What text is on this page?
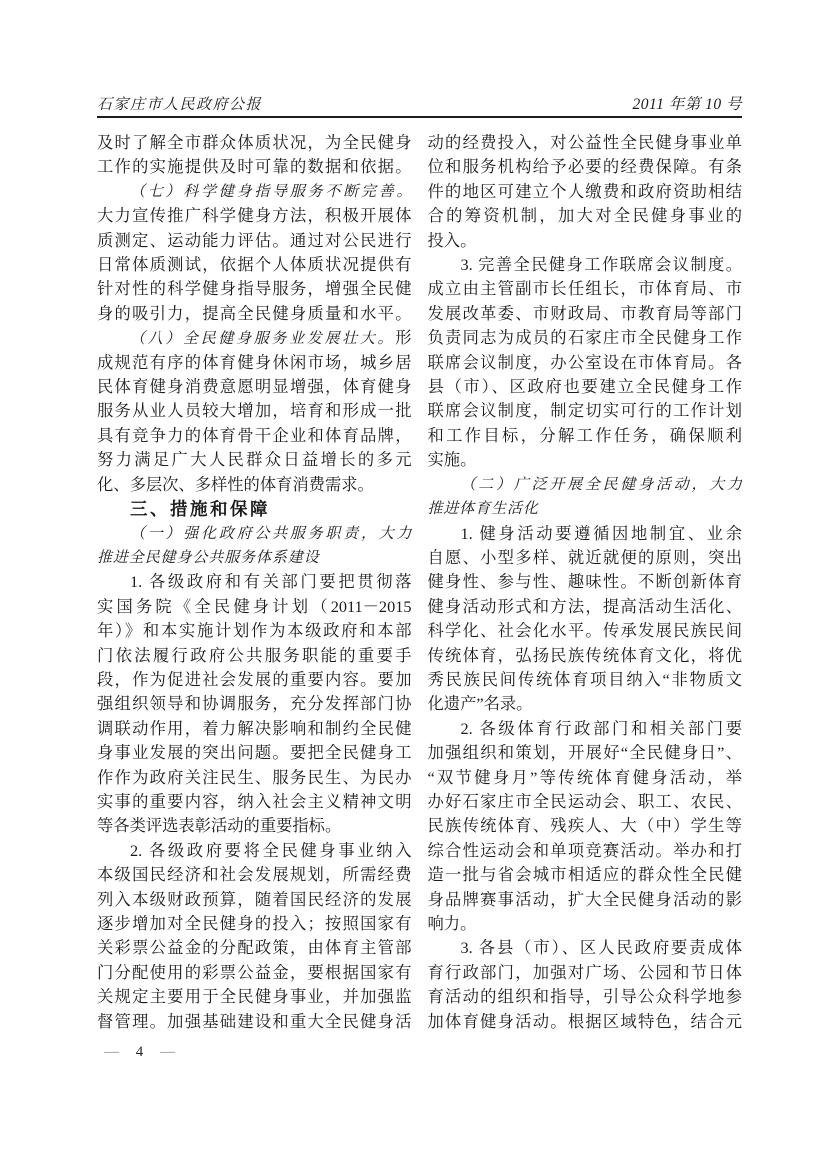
石家庄市人民政府公报	2011 年第 10 号
及时了解全市群众体质状况，为全民健身
工作的实施提供及时可靠的数据和依据。
（七）科学健身指导服务不断完善。
大力宣传推广科学健身方法，积极开展体
质测定、运动能力评估。通过对公民进行
日常体质测试，依据个人体质状况提供有
针对性的科学健身指导服务，增强全民健
身的吸引力，提高全民健身质量和水平。
（八）全民健身服务业发展壮大。形
成规范有序的体育健身休闲市场，城乡居
民体育健身消费意愿明显增强，体育健身
服务从业人员较大增加，培育和形成一批
具有竞争力的体育骨干企业和体育品牌，
努力满足广大人民群众日益增长的多元
化、多层次、多样性的体育消费需求。
三、措施和保障
（一）强化政府公共服务职责，大力
推进全民健身公共服务体系建设
1. 各级政府和有关部门要把贯彻落
实国务院《全民健身计划（2011－2015
年）》和本实施计划作为本级政府和本部
门依法履行政府公共服务职能的重要手
段，作为促进社会发展的重要内容。要加
强组织领导和协调服务，充分发挥部门协
调联动作用，着力解决影响和制约全民健
身事业发展的突出问题。要把全民健身工
作作为政府关注民生、服务民生、为民办
实事的重要内容，纳入社会主义精神文明
等各类评选表彰活动的重要指标。
2. 各级政府要将全民健身事业纳入
本级国民经济和社会发展规划，所需经费
列入本级财政预算，随着国民经济的发展
逐步增加对全民健身的投入；按照国家有
关彩票公益金的分配政策，由体育主管部
门分配使用的彩票公益金，要根据国家有
关规定主要用于全民健身事业，并加强监
督管理。加强基础建设和重大全民健身活
动的经费投入，对公益性全民健身事业单
位和服务机构给予必要的经费保障。有条
件的地区可建立个人缴费和政府资助相结
合的筹资机制，加大对全民健身事业的
投入。
3. 完善全民健身工作联席会议制度。
成立由主管副市长任组长，市体育局、市
发展改革委、市财政局、市教育局等部门
负责同志为成员的石家庄市全民健身工作
联席会议制度，办公室设在市体育局。各
县（市）、区政府也要建立全民健身工作
联席会议制度，制定切实可行的工作计划
和工作目标，分解工作任务，确保顺利
实施。
（二）广泛开展全民健身活动，大力
推进体育生活化
1. 健身活动要遵循因地制宜、业余
自愿、小型多样、就近就便的原则，突出
健身性、参与性、趣味性。不断创新体育
健身活动形式和方法，提高活动生活化、
科学化、社会化水平。传承发展民族民间
传统体育，弘扬民族传统体育文化，将优
秀民族民间传统体育项目纳入“非物质文
化遗产”名录。
2. 各级体育行政部门和相关部门要
加强组织和策划，开展好“全民健身日”、
“双节健身月”等传统体育健身活动，举
办好石家庄市全民运动会、职工、农民、
民族传统体育、残疾人、大（中）学生等
综合性运动会和单项竞赛活动。举办和打
造一批与省会城市相适应的群众性全民健
身品牌赛事活动，扩大全民健身活动的影
响力。
3. 各县（市）、区人民政府要责成体
育行政部门，加强对广场、公园和节日体
育活动的组织和指导，引导公众科学地参
加体育健身活动。根据区域特色，结合元
— 4 —
